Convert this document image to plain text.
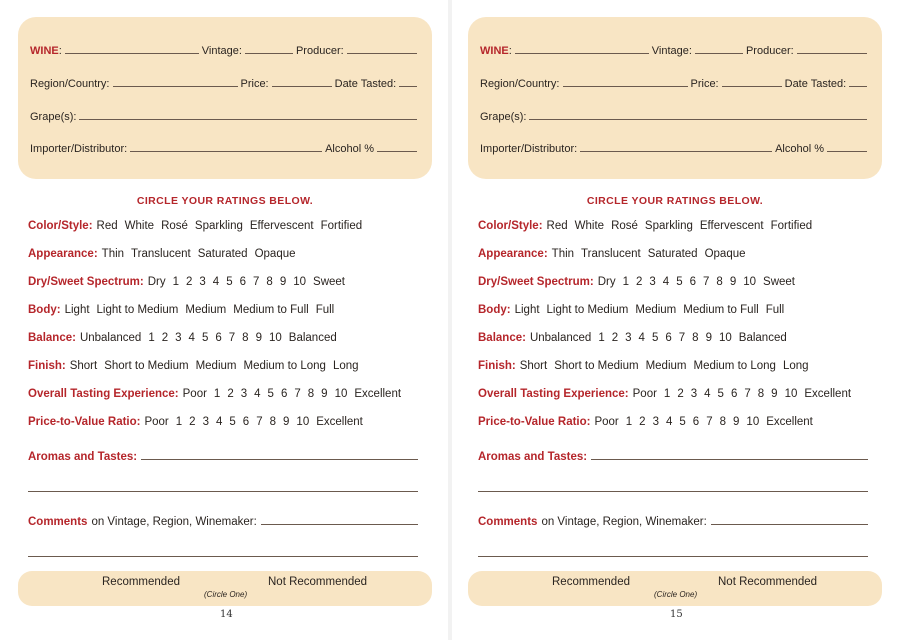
WINE :	Vintage:	Producer:
Region/Country:	Price:	Date Tasted:
Grape(s):
Importer/Distributor:	Alcohol %
CIRCLE YOUR RATINGS BELOW.
Color/Style: Red White Rosé Sparkling Effervescent Fortified
Appearance: Thin Translucent Saturated Opaque
Dry/Sweet Spectrum: Dry 1 2 3 4 5 6 7 8 9 10 Sweet
Body: Light Light to Medium Medium Medium to Full Full
Balance: Unbalanced 1 2 3 4 5 6 7 8 9 10 Balanced
Finish: Short Short to Medium Medium Medium to Long Long
Overall Tasting Experience: Poor 1 2 3 4 5 6 7 8 9 10 Excellent
Price-to-Value Ratio: Poor 1 2 3 4 5 6 7 8 9 10 Excellent
Aromas and Tastes:
Comments on Vintage, Region, Winemaker:
Recommended	Not Recommended
(Circle One)
14
WINE :	Vintage:	Producer:
Region/Country:	Price:	Date Tasted:
Grape(s):
Importer/Distributor:	Alcohol %
CIRCLE YOUR RATINGS BELOW.
Color/Style: Red White Rosé Sparkling Effervescent Fortified
Appearance: Thin Translucent Saturated Opaque
Dry/Sweet Spectrum: Dry 1 2 3 4 5 6 7 8 9 10 Sweet
Body: Light Light to Medium Medium Medium to Full Full
Balance: Unbalanced 1 2 3 4 5 6 7 8 9 10 Balanced
Finish: Short Short to Medium Medium Medium to Long Long
Overall Tasting Experience: Poor 1 2 3 4 5 6 7 8 9 10 Excellent
Price-to-Value Ratio: Poor 1 2 3 4 5 6 7 8 9 10 Excellent
Aromas and Tastes:
Comments on Vintage, Region, Winemaker:
Recommended	Not Recommended
(Circle One)
15
